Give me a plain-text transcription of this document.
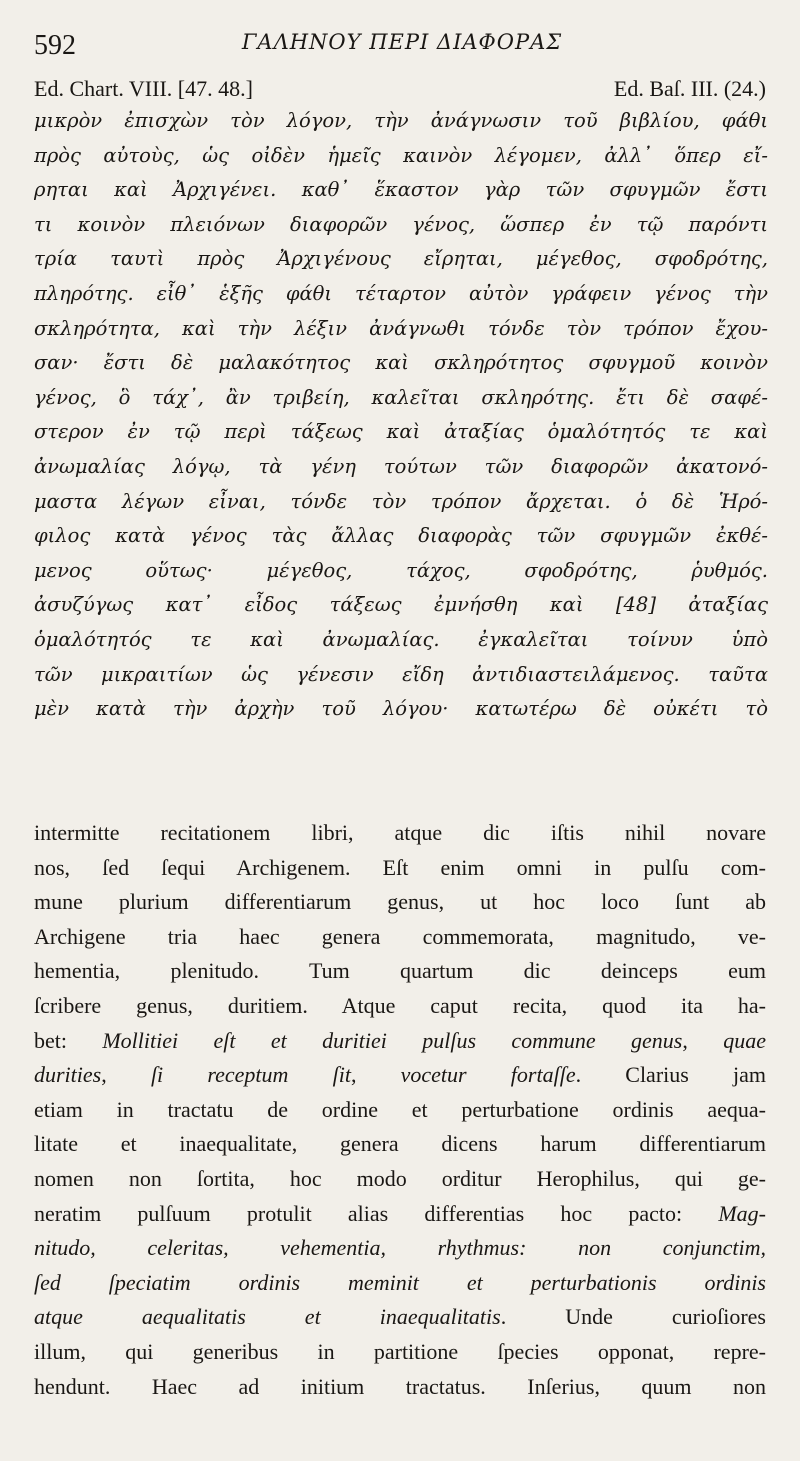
592	ΓΑΛΗΝΟΥ ΠΕΡΙ ΔΙΑΦΟΡΑΣ
Ed. Chart. VIII. [47. 48.]	Ed. Baſ. III. (24.)
μικρὸν ἐπισχὼν τὸν λόγον, τὴν ἀνάγνωσιν τοῦ βιβλίου, φάθι
πρὸς αὐτοὺς, ὡς οἰδὲν ἡμεῖς καινὸν λέγομεν, ἀλλ᾽ ὅπερ εἴ-
ρηται καὶ Ἀρχιγένει. καθ᾽ ἕκαστον γὰρ τῶν σφυγμῶν ἔστι
τι κοινὸν πλειόνων διαφορῶν γένος, ὥσπερ ἐν τῷ παρόντι
τρία ταυτὶ πρὸς Ἀρχιγένους εἴρηται, μέγεθος, σφοδρότης,
πληρότης. εἶθ᾽ ἑξῆς φάθι τέταρτον αὐτὸν γράφειν γένος τὴν
σκληρότητα, καὶ τὴν λέξιν ἀνάγνωθι τόνδε τὸν τρόπον ἔχου-
σαν· ἔστι δὲ μαλακότητος καὶ σκληρότητος σφυγμοῦ κοινὸν
γένος, ὃ τάχ᾽, ἂν τριβείη, καλεῖται σκληρότης. ἔτι δὲ σαφέ-
στερον ἐν τῷ περὶ τάξεως καὶ ἀταξίας ὁμαλότητός τε καὶ
ἀνωμαλίας λόγῳ, τὰ γένη τούτων τῶν διαφορῶν ἀκατονό-
μαστα λέγων εἶναι, τόνδε τὸν τρόπον ἄρχεται. ὁ δὲ Ἡρό-
φιλος κατὰ γένος τὰς ἄλλας διαφορὰς τῶν σφυγμῶν ἐκθέ-
μενος οὕτως· μέγεθος, τάχος, σφοδρότης, ῥυθμός.
ἀσυζύγως κατ᾽ εἶδος τάξεως ἐμνήσθη καὶ [48] ἀταξίας
ὁμαλότητός τε καὶ ἀνωμαλίας. ἐγκαλεῖται τοίνυν ὑπὸ
τῶν μικραιτίων ὡς γένεσιν εἴδη ἀντιδιαστειλάμενος. ταῦτα
μὲν κατὰ τὴν ἀρχὴν τοῦ λόγου· κατωτέρω δὲ οὐκέτι τὸ
intermitte recitationem libri, atque dic iſtis nihil novare
nos, ſed ſequi Archigenem. Eſt enim omni in pulſu com-
mune plurium differentiarum genus, ut hoc loco ſunt ab
Archigene tria haec genera commemorata, magnitudo, ve-
hementia, plenitudo. Tum quartum dic deinceps eum
ſcribere genus, duritiem. Atque caput recita, quod ita ha-
bet: Mollitiei eſt et duritiei pulſus commune genus, quae
durities, ſi receptum ſit, vocetur fortaſſe. Clarius jam
etiam in tractatu de ordine et perturbatione ordinis aequa-
litate et inaequalitate, genera dicens harum differentiarum
nomen non ſortita, hoc modo orditur Herophilus, qui ge-
neratim pulſuum protulit alias differentias hoc pacto: Mag-
nitudo, celeritas, vehementia, rhythmus: non conjunctim,
ſed ſpeciatim ordinis meminit et perturbationis ordinis
atque aequalitatis et inaequalitatis. Unde curioſiores
illum, qui generibus in partitione ſpecies opponat, repre-
hendunt. Haec ad initium tractatus. Inſerius, quum non
